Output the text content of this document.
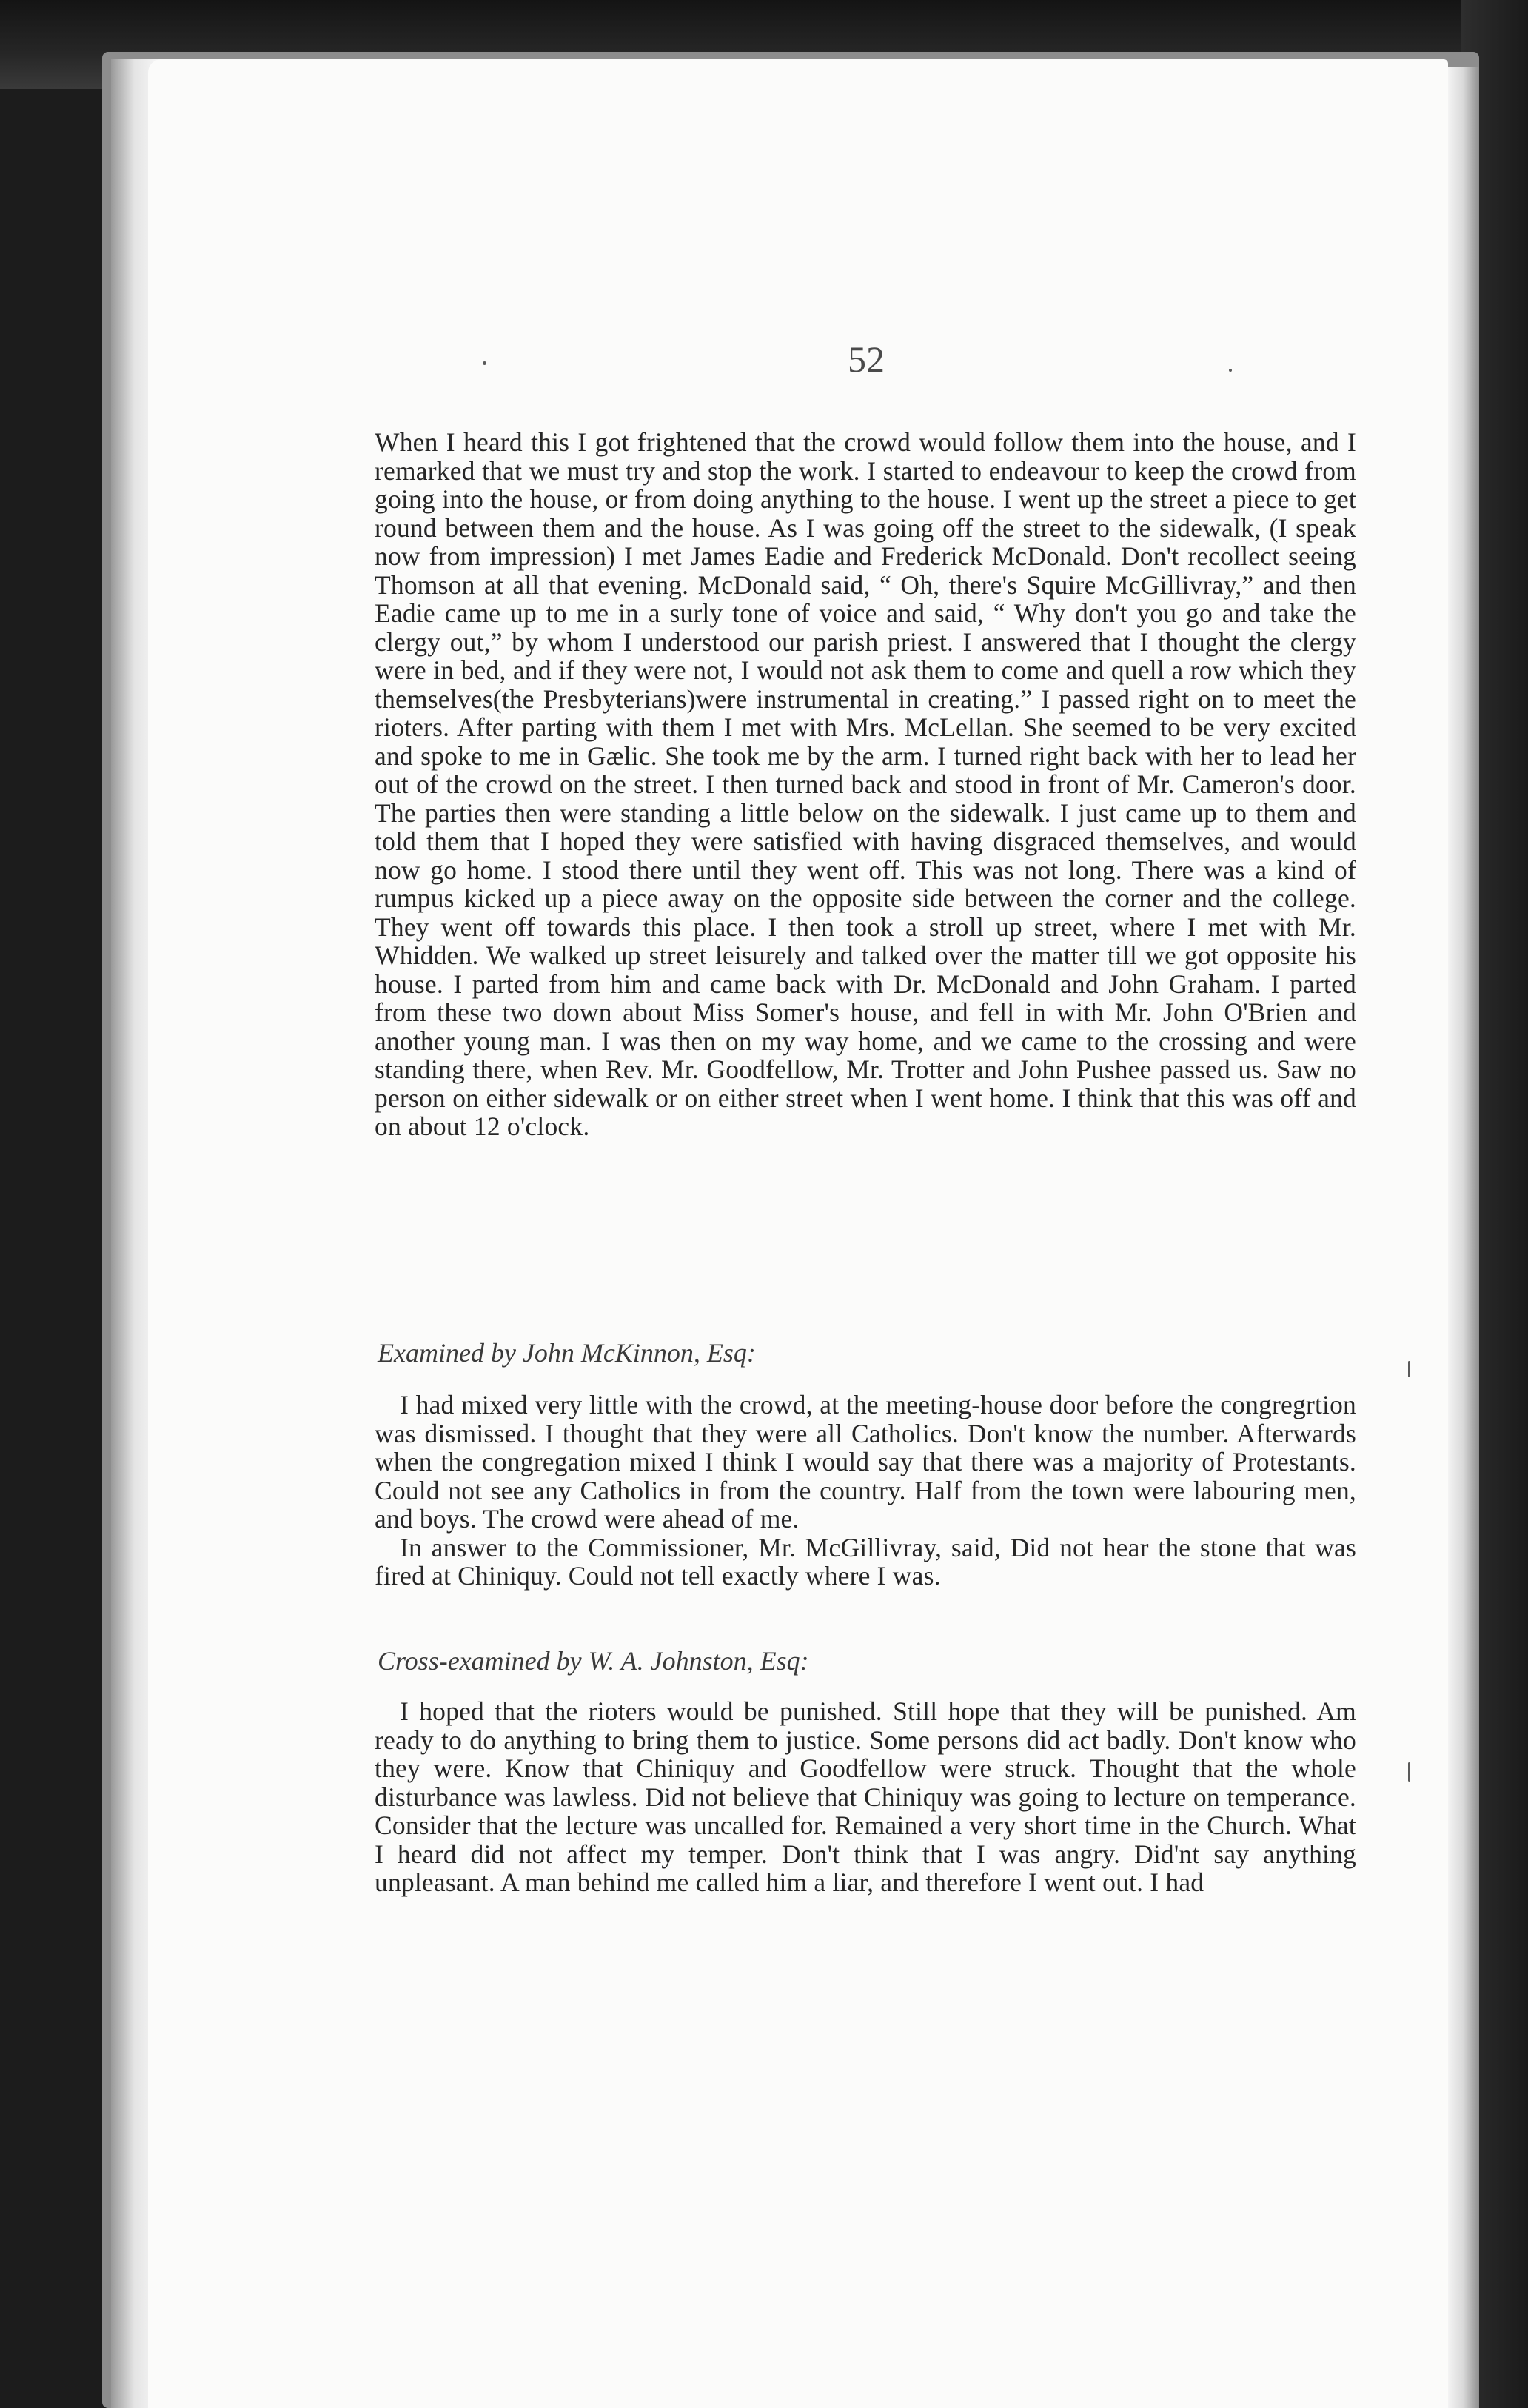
52

When I heard this I got frightened that the crowd would follow them into the house, and I remarked that we must try and stop the work. I started to endeavour to keep the crowd from going into the house, or from doing anything to the house. I went up the street a piece to get round between them and the house. As I was going off the street to the sidewalk, (I speak now from impression) I met James Eadie and Frederick McDonald. Don't recollect seeing Thomson at all that evening. McDonald said, “ Oh, there's Squire McGillivray,” and then Eadie came up to me in a surly tone of voice and said, “ Why don't you go and take the clergy out,” by whom I understood our parish priest. I answered that I thought the clergy were in bed, and if they were not, I would not ask them to come and quell a row which they themselves(the Presbyterians)were instrumental in creating.” I passed right on to meet the rioters. After parting with them I met with Mrs. McLellan. She seemed to be very excited and spoke to me in Gælic. She took me by the arm. I turned right back with her to lead her out of the crowd on the street. I then turned back and stood in front of Mr. Cameron's door. The parties then were standing a little below on the sidewalk. I just came up to them and told them that I hoped they were satisfied with having disgraced themselves, and would now go home. I stood there until they went off. This was not long. There was a kind of rumpus kicked up a piece away on the opposite side between the corner and the college. They went off towards this place. I then took a stroll up street, where I met with Mr. Whidden. We walked up street leisurely and talked over the matter till we got opposite his house. I parted from him and came back with Dr. McDonald and John Graham. I parted from these two down about Miss Somer's house, and fell in with Mr. John O'Brien and another young man. I was then on my way home, and we came to the crossing and were standing there, when Rev. Mr. Goodfellow, Mr. Trotter and John Pushee passed us. Saw no person on either sidewalk or on either street when I went home. I think that this was off and on about 12 o'clock.

Examined by John McKinnon, Esq:

I had mixed very little with the crowd, at the meeting-house door before the congregrtion was dismissed. I thought that they were all Catholics. Don't know the number. Afterwards when the congregation mixed I think I would say that there was a majority of Protestants. Could not see any Catholics in from the country. Half from the town were labouring men, and boys. The crowd were ahead of me.

In answer to the Commissioner, Mr. McGillivray, said, Did not hear the stone that was fired at Chiniquy. Could not tell exactly where I was.

Cross-examined by W. A. Johnston, Esq:

I hoped that the rioters would be punished. Still hope that they will be punished. Am ready to do anything to bring them to justice. Some persons did act badly. Don't know who they were. Know that Chiniquy and Goodfellow were struck. Thought that the whole disturbance was lawless. Did not believe that Chiniquy was going to lecture on temperance. Consider that the lecture was uncalled for. Remained a very short time in the Church. What I heard did not affect my temper. Don't think that I was angry. Did'nt say anything unpleasant. A man behind me called him a liar, and therefore I went out. I had
